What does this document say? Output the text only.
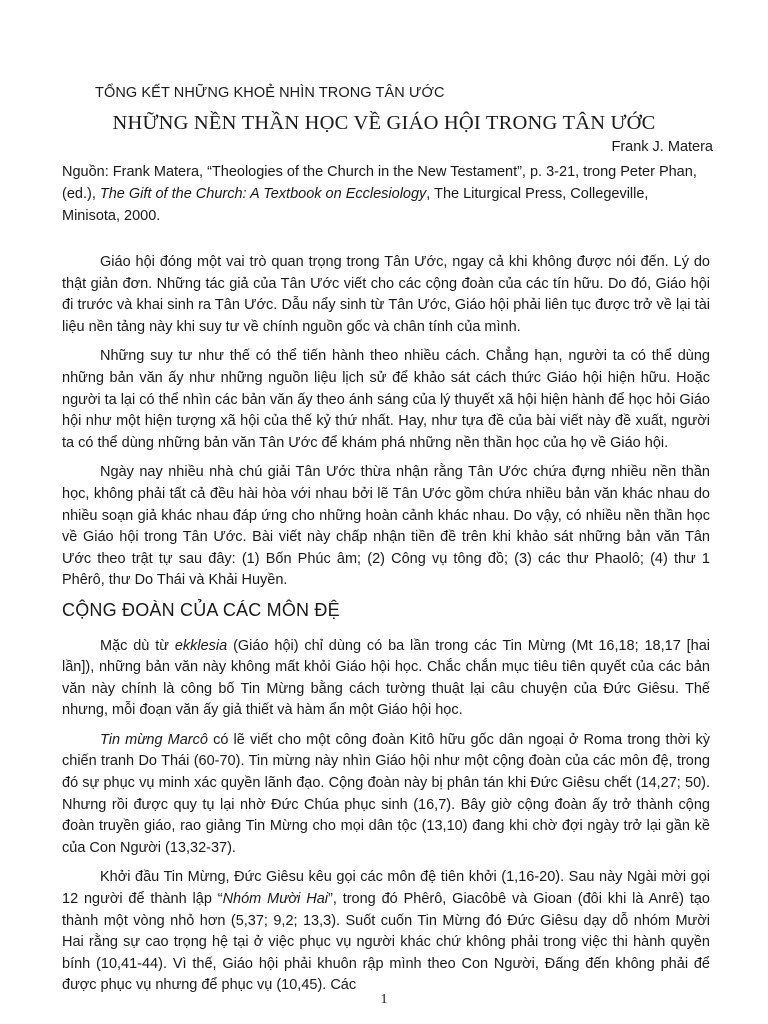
TỔNG KẾT NHỮNG KHOẺ NHÌN TRONG TÂN ƯỚC
NHỮNG NỀN THẦN HỌC VỀ GIÁO HỘI TRONG TÂN ƯỚC
Frank J. Matera
Nguồn: Frank Matera, “Theologies of the Church in the New Testament”, p. 3-21, trong Peter Phan, (ed.), The Gift of the Church: A Textbook on Ecclesiology, The Liturgical Press, Collegeville, Minisota, 2000.

Giáo hội đóng một vai trò quan trọng trong Tân Ước, ngay cả khi không được nói đến. Lý do thật giản đơn. Những tác giả của Tân Ước viết cho các cộng đoàn của các tín hữu. Do đó, Giáo hội đi trước và khai sinh ra Tân Ước. Dẫu nẩy sinh từ Tân Ước, Giáo hội phải liên tục được trở về lại tài liệu nền tảng này khi suy tư về chính nguồn gốc và chân tính của mình.

Những suy tư như thế có thể tiến hành theo nhiều cách. Chẳng hạn, người ta có thể dùng những bản văn ấy như những nguồn liệu lịch sử để khảo sát cách thức Giáo hội hiện hữu. Hoặc người ta lại có thể nhìn các bản văn ấy theo ánh sáng của lý thuyết xã hội hiện hành để học hỏi Giáo hội như một hiện tượng xã hội của thế kỷ thứ nhất. Hay, như tựa đề của bài viết này đề xuất, người ta có thể dùng những bản văn Tân Ước để khám phá những nền thần học của họ về Giáo hội.

Ngày nay nhiều nhà chú giải Tân Ước thừa nhận rằng Tân Ước chứa đựng nhiều nền thần học, không phải tất cả đều hài hòa với nhau bởi lẽ Tân Ước gồm chứa nhiều bản văn khác nhau do nhiều soạn giả khác nhau đáp ứng cho những hoàn cảnh khác nhau. Do vậy, có nhiều nền thần học về Giáo hội trong Tân Ước. Bài viết này chấp nhận tiền đề trên khi khảo sát những bản văn Tân Ước theo trật tự sau đây: (1) Bốn Phúc âm; (2) Công vụ tông đồ; (3) các thư Phaolô; (4) thư 1 Phêrô, thư Do Thái và Khải Huyền.

CỘNG ĐOÀN CỦA CÁC MÔN ĐỆ

Mặc dù từ ekklesia (Giáo hội) chỉ dùng có ba lần trong các Tin Mừng (Mt 16,18; 18,17 [hai lần]), những bản văn này không mất khỏi Giáo hội học. Chắc chắn mục tiêu tiên quyết của các bản văn này chính là công bố Tin Mừng bằng cách tường thuật lại câu chuyện của Đức Giêsu. Thế nhưng, mỗi đoạn văn ấy giả thiết và hàm ẩn một Giáo hội học.

Tin mừng Marcô có lẽ viết cho một công đoàn Kitô hữu gốc dân ngoại ở Roma trong thời kỳ chiến tranh Do Thái (60-70). Tin mừng này nhìn Giáo hội như một cộng đoàn của các môn đệ, trong đó sự phục vụ minh xác quyền lãnh đạo. Cộng đoàn này bị phân tán khi Đức Giêsu chết (14,27; 50). Nhưng rồi được quy tụ lại nhờ Đức Chúa phục sinh (16,7). Bây giờ cộng đoàn ấy trở thành cộng đoàn truyền giáo, rao giảng Tin Mừng cho mọi dân tộc (13,10) đang khi chờ đợi ngày trở lại gần kề của Con Người (13,32-37).

Khởi đầu Tin Mừng, Đức Giêsu kêu gọi các môn đệ tiên khởi (1,16-20). Sau này Ngài mời gọi 12 người để thành lập “Nhóm Mười Hai”, trong đó Phêrô, Giacôbê và Gioan (đôi khi là Anrê) tạo thành một vòng nhỏ hơn (5,37; 9,2; 13,3). Suốt cuốn Tin Mừng đó Đức Giêsu dạy dỗ nhóm Mười Hai rằng sự cao trọng hệ tại ở việc phục vụ người khác chứ không phải trong việc thi hành quyền bính (10,41-44). Vì thế, Giáo hội phải khuôn rập mình theo Con Người, Đấng đến không phải để được phục vụ nhưng để phục vụ (10,45). Các

1
